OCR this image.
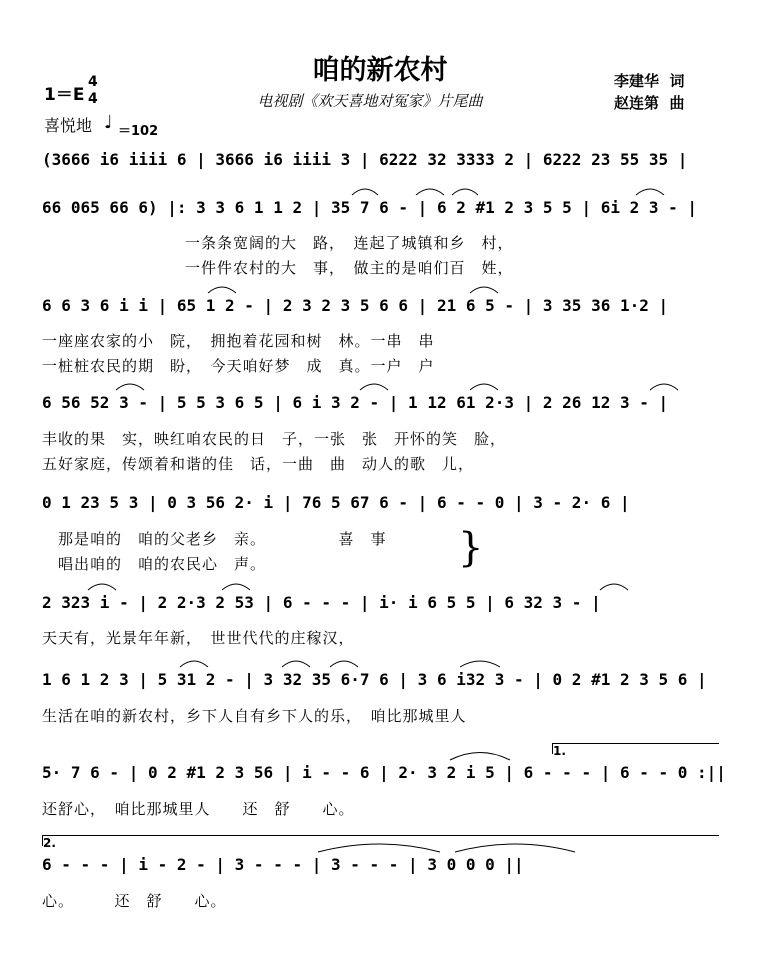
咱的新农村
电视剧《欢天喜地对冤家》片尾曲
李建华  词
赵连第  曲
1＝E
4
4
喜悦地 ♩ ＝102
(3666 i6 iiii 6 | 3666 i6 iiii 3 | 6222 32 3333 2 | 6222 23 55 35 |
66 065 66 6) |: 3 3 6 1 1 2 | 35 7 6 - | 6 2 #1 2 3 5 5 | 6i 2 3 - |
6 6 3 6 i i | 65 1 2 - | 2 3 2 3 5 6 6 | 21 6 5 - | 3 35 36 1·2 |
6 56 52 3 - | 5 5 3 6 5 | 6 i 3 2 - | 1 12 61 2·3 | 2 26 12 3 - |
0 1 23 5 3 | 0 3 56 2· i | 76 5 67 6 - | 6 - - 0 | 3 - 2· 6 |
2 323 i - | 2 2·3 2 53 | 6 - - - | i· i 6 5 5 | 6 32 3 - |
1 6 1 2 3 | 5 31 2 - | 3 32 35 6·7 6 | 3 6 i32 3 - | 0 2 #1 2 3 5 6 |
5· 7 6 - | 0 2 #1 2 3 56 | i - - 6 | 2· 3 2 i 5 | 6 - - - | 6 - - 0 :||
6 - - - | i - 2 - | 3 - - - | 3 - - - | 3 0 0 0 ||
一条条宽阔的大　路，　连起了城镇和乡　村，
一件件农村的大　事，　做主的是咱们百　姓，
一座座农家的小　院，　拥抱着花园和树　林。一串　串
一桩桩农民的期　盼，　今天咱好梦　成　真。一户　户
丰收的果　实，映红咱农民的日　子，一张　张　开怀的笑　脸，
五好家庭，传颂着和谐的佳　话，一曲　曲　动人的歌　儿，
那是咱的　咱的父老乡　亲。　　　　　喜　事
唱出咱的　咱的农民心　声。	}
天天有，光景年年新，　世世代代的庄稼汉，
生活在咱的新农村，乡下人自有乡下人的乐，　咱比那城里人
还舒心，　咱比那城里人　　还　舒　　心。
心。　　　还　舒　　心。
1.
2.
